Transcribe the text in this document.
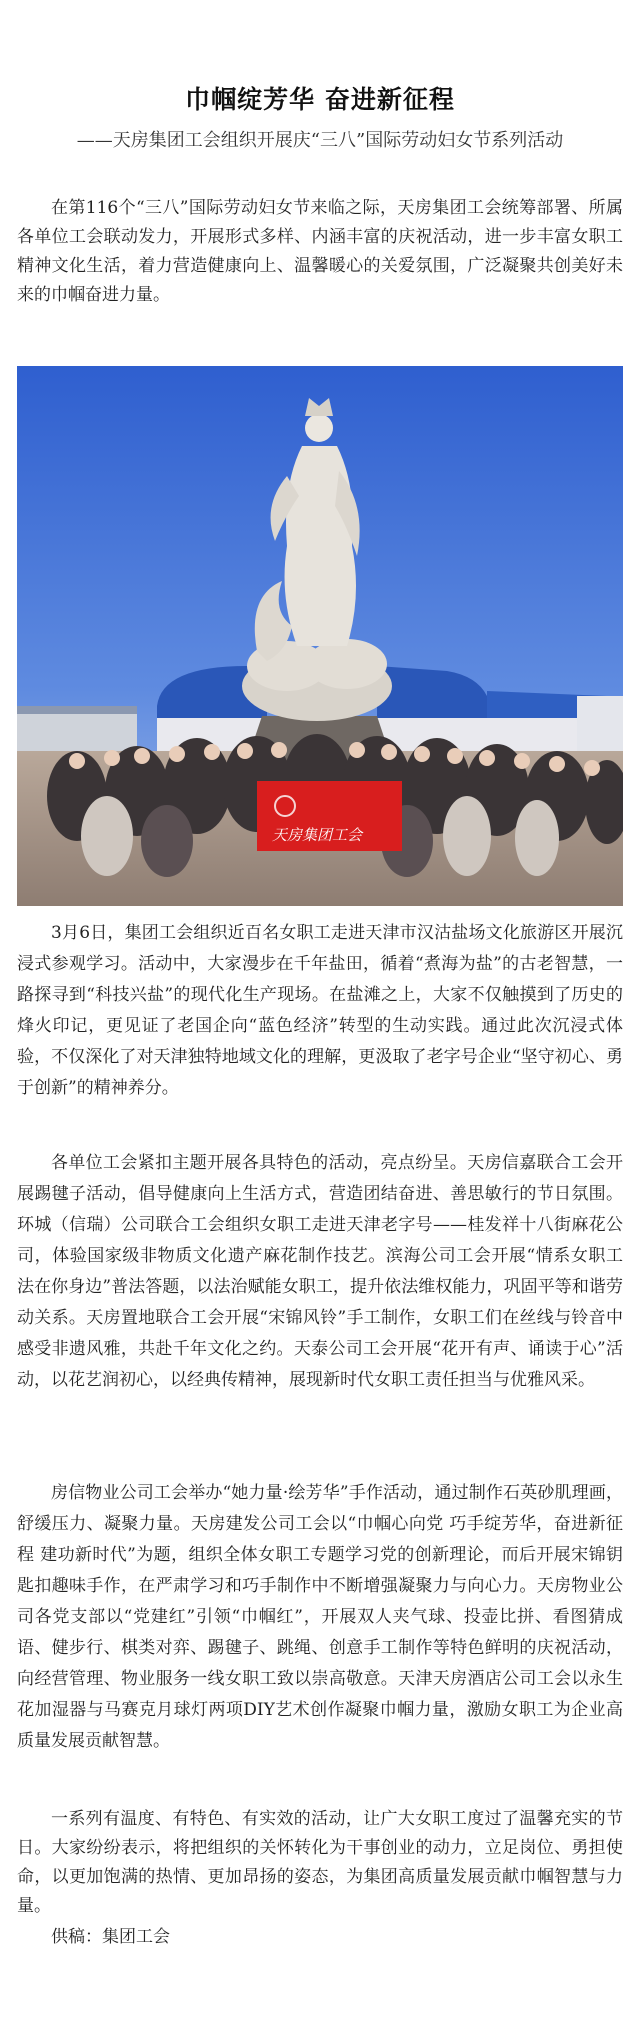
巾帼绽芳华 奋进新征程
——天房集团工会组织开展庆“三八”国际劳动妇女节系列活动
在第116个“三八”国际劳动妇女节来临之际，天房集团工会统筹部署、所属各单位工会联动发力，开展形式多样、内涵丰富的庆祝活动，进一步丰富女职工精神文化生活，着力营造健康向上、温馨暖心的关爱氛围，广泛凝聚共创美好未来的巾帼奋进力量。
天房集团工会
3月6日，集团工会组织近百名女职工走进天津市汉沽盐场文化旅游区开展沉浸式参观学习。活动中，大家漫步在千年盐田，循着“煮海为盐”的古老智慧，一路探寻到“科技兴盐”的现代化生产现场。在盐滩之上，大家不仅触摸到了历史的烽火印记，更见证了老国企向“蓝色经济”转型的生动实践。通过此次沉浸式体验，不仅深化了对天津独特地域文化的理解，更汲取了老字号企业“坚守初心、勇于创新”的精神养分。
各单位工会紧扣主题开展各具特色的活动，亮点纷呈。天房信嘉联合工会开展踢毽子活动，倡导健康向上生活方式，营造团结奋进、善思敏行的节日氛围。环城（信瑞）公司联合工会组织女职工走进天津老字号——桂发祥十八街麻花公司，体验国家级非物质文化遗产麻花制作技艺。滨海公司工会开展“情系女职工 法在你身边”普法答题，以法治赋能女职工，提升依法维权能力，巩固平等和谐劳动关系。天房置地联合工会开展“宋锦风铃”手工制作，女职工们在丝线与铃音中感受非遗风雅，共赴千年文化之约。天泰公司工会开展“花开有声、诵读于心”活动，以花艺润初心，以经典传精神，展现新时代女职工责任担当与优雅风采。
房信物业公司工会举办“她力量·绘芳华”手作活动，通过制作石英砂肌理画，舒缓压力、凝聚力量。天房建发公司工会以“巾帼心向党 巧手绽芳华，奋进新征程 建功新时代”为题，组织全体女职工专题学习党的创新理论，而后开展宋锦钥匙扣趣味手作，在严肃学习和巧手制作中不断增强凝聚力与向心力。天房物业公司各党支部以“党建红”引领“巾帼红”，开展双人夹气球、投壶比拼、看图猜成语、健步行、棋类对弈、踢毽子、跳绳、创意手工制作等特色鲜明的庆祝活动，向经营管理、物业服务一线女职工致以崇高敬意。天津天房酒店公司工会以永生花加湿器与马赛克月球灯两项DIY艺术创作凝聚巾帼力量，激励女职工为企业高质量发展贡献智慧。
一系列有温度、有特色、有实效的活动，让广大女职工度过了温馨充实的节日。大家纷纷表示，将把组织的关怀转化为干事创业的动力，立足岗位、勇担使命，以更加饱满的热情、更加昂扬的姿态，为集团高质量发展贡献巾帼智慧与力量。
供稿：集团工会
